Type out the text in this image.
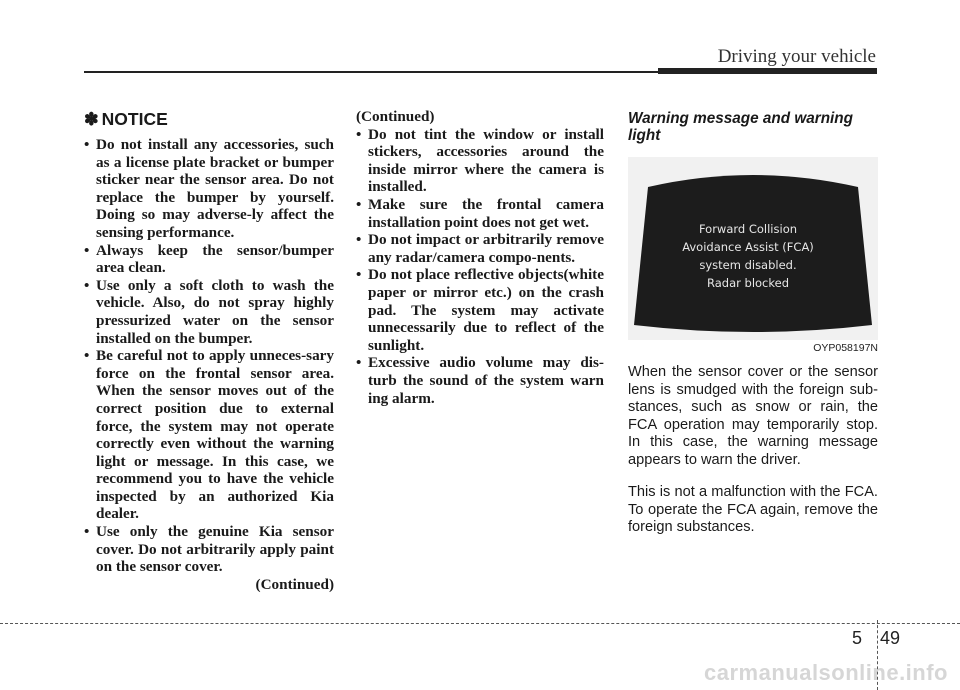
Driving your vehicle
✽ NOTICE
• Do not install any accessories, such as a license plate bracket or bumper sticker near the sensor area. Do not replace the bumper by yourself. Doing so may adverse-ly affect the sensing performance.
• Always keep the sensor/bumper area clean.
• Use only a soft cloth to wash the vehicle. Also, do not spray highly pressurized water on the sensor installed on the bumper.
• Be careful not to apply unneces-sary force on the frontal sensor area. When the sensor moves out of the correct position due to external force, the system may not operate correctly even without the warning light or message. In this case, we recommend you to have the vehicle inspected by an authorized Kia dealer.
• Use only the genuine Kia sensor cover. Do not arbitrarily apply paint on the sensor cover.
(Continued)
(Continued)
• Do not tint the window or install stickers, accessories around the inside mirror where the camera is installed.
• Make sure the frontal camera installation point does not get wet.
• Do not impact or arbitrarily remove any radar/camera compo-nents.
• Do not place reflective objects(white paper or mirror etc.) on the crash pad. The system may activate unnecessarily due to reflect of the sunlight.
• Excessive audio volume may dis-turb the sound of the system warn ing alarm.
Warning message and warning light
Forward Collision
Avoidance Assist (FCA)
system disabled.
Radar blocked
OYP058197N
When the sensor cover or the sensor lens is smudged with the foreign sub-stances, such as snow or rain, the FCA operation may temporarily stop. In this case, the warning message appears to warn the driver.
This is not a malfunction with the FCA. To operate the FCA again, remove the foreign substances.
5 49
carmanualsonline.info
